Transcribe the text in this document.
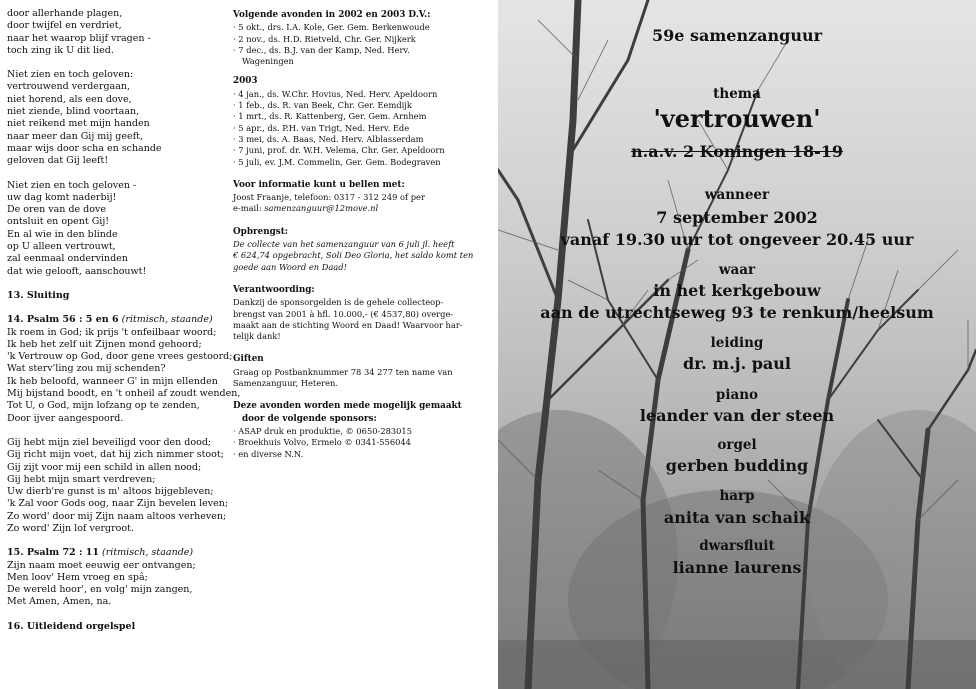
door allerhande plagen,
door twijfel en verdriet,
naar het waarop blijf vragen -
toch zing ik U dit lied.
Niet zien en toch geloven:
vertrouwend verdergaan,
niet horend, als een dove,
niet ziende, blind voortaan,
niet reikend met mijn handen
naar meer dan Gij mij geeft,
maar wijs door scha en schande
geloven dat Gij leeft!
Niet zien en toch geloven -
uw dag komt naderbij!
De oren van de dove
ontsluit en opent Gij!
En al wie in den blinde
op U alleen vertrouwt,
zal eenmaal ondervinden
dat wie gelooft, aanschouwt!
13. Sluiting
14. Psalm 56 : 5 en 6 (ritmisch, staande)
Ik roem in God; ik prijs 't onfeilbaar woord;
Ik heb het zelf uit Zijnen mond gehoord;
'k Vertrouw op God, door gene vrees gestoord;
Wat sterv'ling zou mij schenden?
Ik heb beloofd, wanneer G' in mijn ellenden
Mij bijstand boodt, en 't onheil af zoudt wenden,
Tot U, o God, mijn lofzang op te zenden,
Door ijver aangespoord.
Gij hebt mijn ziel beveiligd voor den dood;
Gij richt mijn voet, dat hij zich nimmer stoot;
Gij zijt voor mij een schild in allen nood;
Gij hebt mijn smart verdreven;
Uw dierb're gunst is m' altoos bijgebleven;
'k Zal voor Gods oog, naar Zijn bevelen leven;
Zo word' door mij Zijn naam altoos verheven;
Zo word' Zijn lof vergroot.
15. Psalm 72 : 11 (ritmisch, staande)
Zijn naam moet eeuwig eer ontvangen;
Men loov' Hem vroeg en spâ;
De wereld hoor', en volg' mijn zangen,
Met Amen, Amen, na.
16. Uitleidend orgelspel
Volgende avonden in 2002 en 2003 D.V.:
· 5 okt., drs. I.A. Kole, Ger. Gem. Berkenwoude
· 2 nov., ds. H.D. Rietveld, Chr. Ger. Nijkerk
· 7 dec., ds. B.J. van der Kamp, Ned. Herv.
Wageningen
2003
· 4 jan., ds. W.Chr. Hovius, Ned. Herv. Apeldoorn
· 1 feb., ds. R. van Beek, Chr. Ger. Eemdijk
· 1 mrt., ds. R. Kattenberg, Ger. Gem. Arnhem
· 5 apr., ds. P.H. van Trigt, Ned. Herv. Ede
· 3 mei, ds. A. Baas, Ned. Herv. Alblasserdam
· 7 juni, prof. dr. W.H. Velema, Chr. Ger. Apeldoorn
· 5 juli, ev. J.M. Commelin, Ger. Gem. Bodegraven
Voor informatie kunt u bellen met:
Joost Fraanje, telefoon: 0317 - 312 249 of per
e-mail: samenzanguur@12move.nl
Opbrengst:
De collecte van het samenzanguur van 6 juli jl. heeft
€ 624,74 opgebracht, Soli Deo Gloria, het saldo komt ten
goede aan Woord en Daad!
Verantwoording:
Dankzij de sponsorgelden is de gehele collecteop-
brengst van 2001 à hfl. 10.000,- (€ 4537,80) overge-
maakt aan de stichting Woord en Daad! Waarvoor har-
telijk dank!
Giften
Graag op Postbanknummer 78 34 277 ten name van
Samenzanguur, Heteren.
Deze avonden worden mede mogelijk gemaakt
door de volgende sponsors:
· ASAP druk en produktie, © 0650-283015
· Broekhuis Volvo, Ermelo © 0341-556044
· en diverse N.N.
59e samenzanguur
thema
'vertrouwen'
n.a.v. 2 Koningen 18-19
wanneer
7 september 2002
vanaf 19.30 uur tot ongeveer 20.45 uur
waar
in het kerkgebouw
aan de utrechtseweg 93 te renkum/heelsum
leiding
dr. m.j. paul
piano
leander van der steen
orgel
gerben budding
harp
anita van schaik
dwarsfluit
lianne laurens
